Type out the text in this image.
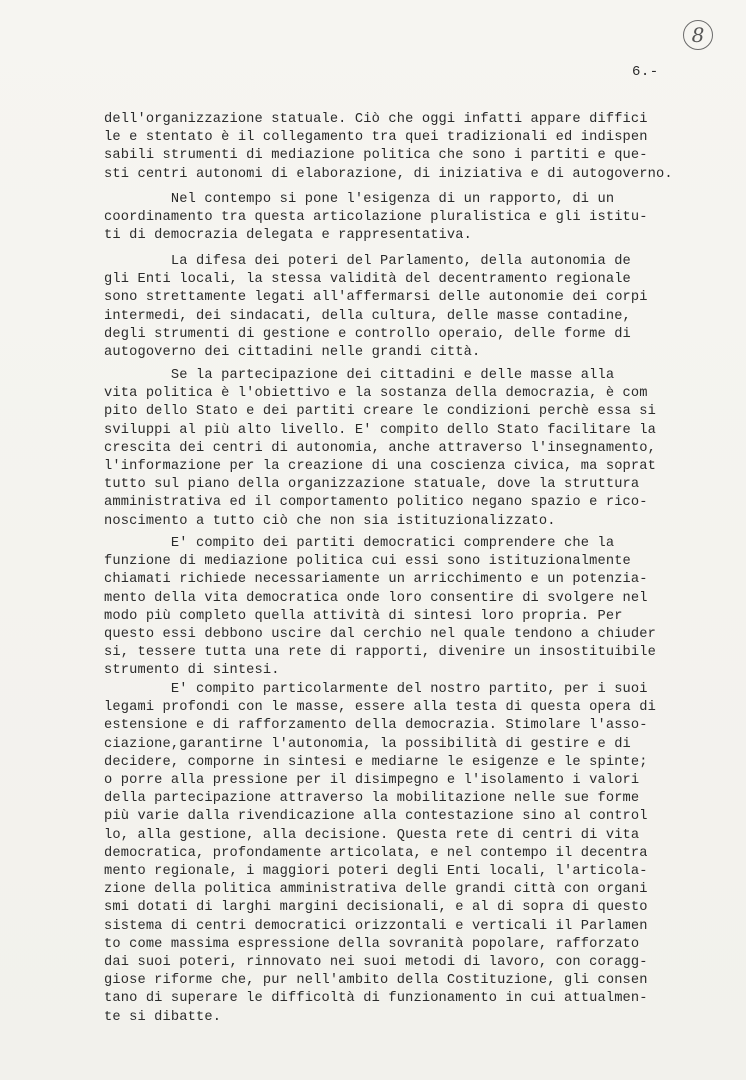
8
6.-

dell'organizzazione statuale. Ciò che oggi infatti appare diffici
le e stentato è il collegamento tra quei tradizionali ed indispen
sabili strumenti di mediazione politica che sono i partiti e que-
sti centri autonomi di elaborazione, di iniziativa e di autogoverno.

Nel contempo si pone l'esigenza di un rapporto, di un
coordinamento tra questa articolazione pluralistica e gli istitu-
ti di democrazia delegata e rappresentativa.

La difesa dei poteri del Parlamento, della autonomia de
gli Enti locali, la stessa validità del decentramento regionale
sono strettamente legati all'affermarsi delle autonomie dei corpi
intermedi, dei sindacati, della cultura, delle masse contadine,
degli strumenti di gestione e controllo operaio, delle forme di
autogoverno dei cittadini nelle grandi città.

Se la partecipazione dei cittadini e delle masse alla
vita politica è l'obiettivo e la sostanza della democrazia, è com
pito dello Stato e dei partiti creare le condizioni perchè essa si
sviluppi al più alto livello. E' compito dello Stato facilitare la
crescita dei centri di autonomia, anche attraverso l'insegnamento,
l'informazione per la creazione di una coscienza civica, ma soprat
tutto sul piano della organizzazione statuale, dove la struttura
amministrativa ed il comportamento politico negano spazio e rico-
noscimento a tutto ciò che non sia istituzionalizzato.

E' compito dei partiti democratici comprendere che la
funzione di mediazione politica cui essi sono istituzionalmente
chiamati richiede necessariamente un arricchimento e un potenzia-
mento della vita democratica onde loro consentire di svolgere nel
modo più completo quella attività di sintesi loro propria. Per
questo essi debbono uscire dal cerchio nel quale tendono a chiuder
si, tessere tutta una rete di rapporti, divenire un insostituibile
strumento di sintesi.

E' compito particolarmente del nostro partito, per i suoi
legami profondi con le masse, essere alla testa di questa opera di
estensione e di rafforzamento della democrazia. Stimolare l'asso-
ciazione,garantirne l'autonomia, la possibilità di gestire e di
decidere, comporne in sintesi e mediarne le esigenze e le spinte;
o porre alla pressione per il disimpegno e l'isolamento i valori
della partecipazione attraverso la mobilitazione nelle sue forme
più varie dalla rivendicazione alla contestazione sino al control
lo, alla gestione, alla decisione. Questa rete di centri di vita
democratica, profondamente articolata, e nel contempo il decentra
mento regionale, i maggiori poteri degli Enti locali, l'articola-
zione della politica amministrativa delle grandi città con organi
smi dotati di larghi margini decisionali, e al di sopra di questo
sistema di centri democratici orizzontali e verticali il Parlamen
to come massima espressione della sovranità popolare, rafforzato
dai suoi poteri, rinnovato nei suoi metodi di lavoro, con coragg-
giose riforme che, pur nell'ambito della Costituzione, gli consen
tano di superare le difficoltà di funzionamento in cui attualmen-
te si dibatte.
